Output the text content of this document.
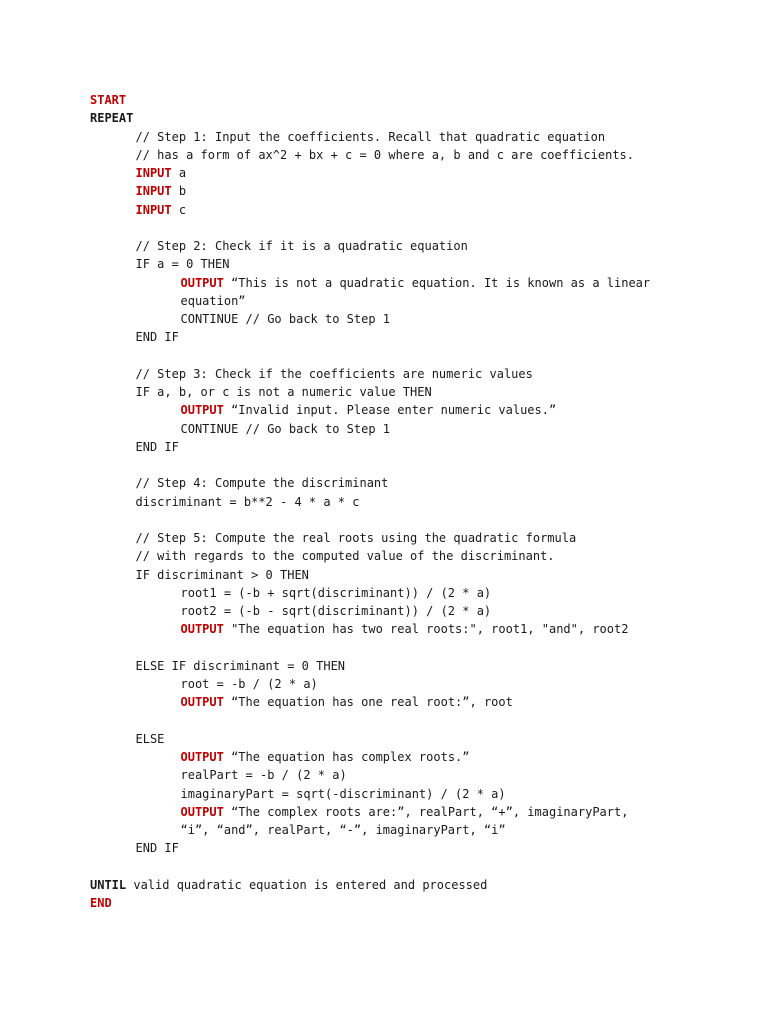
START
REPEAT
// Step 1: Input the coefficients. Recall that quadratic equation
// has a form of ax^2 + bx + c = 0 where a, b and c are coefficients.
INPUT a
INPUT b
INPUT c
// Step 2: Check if it is a quadratic equation
IF a = 0 THEN
OUTPUT “This is not a quadratic equation. It is known as a linear
equation”
CONTINUE // Go back to Step 1
END IF
// Step 3: Check if the coefficients are numeric values
IF a, b, or c is not a numeric value THEN
OUTPUT “Invalid input. Please enter numeric values.”
CONTINUE // Go back to Step 1
END IF
// Step 4: Compute the discriminant
discriminant = b**2 - 4 * a * c
// Step 5: Compute the real roots using the quadratic formula
// with regards to the computed value of the discriminant.
IF discriminant > 0 THEN
root1 = (-b + sqrt(discriminant)) / (2 * a)
root2 = (-b - sqrt(discriminant)) / (2 * a)
OUTPUT "The equation has two real roots:", root1, "and", root2
ELSE IF discriminant = 0 THEN
root = -b / (2 * a)
OUTPUT “The equation has one real root:”, root
ELSE
OUTPUT “The equation has complex roots.”
realPart = -b / (2 * a)
imaginaryPart = sqrt(-discriminant) / (2 * a)
OUTPUT “The complex roots are:”, realPart, “+”, imaginaryPart,
“i”, “and”, realPart, “-”, imaginaryPart, “i”
END IF
UNTIL valid quadratic equation is entered and processed
END
